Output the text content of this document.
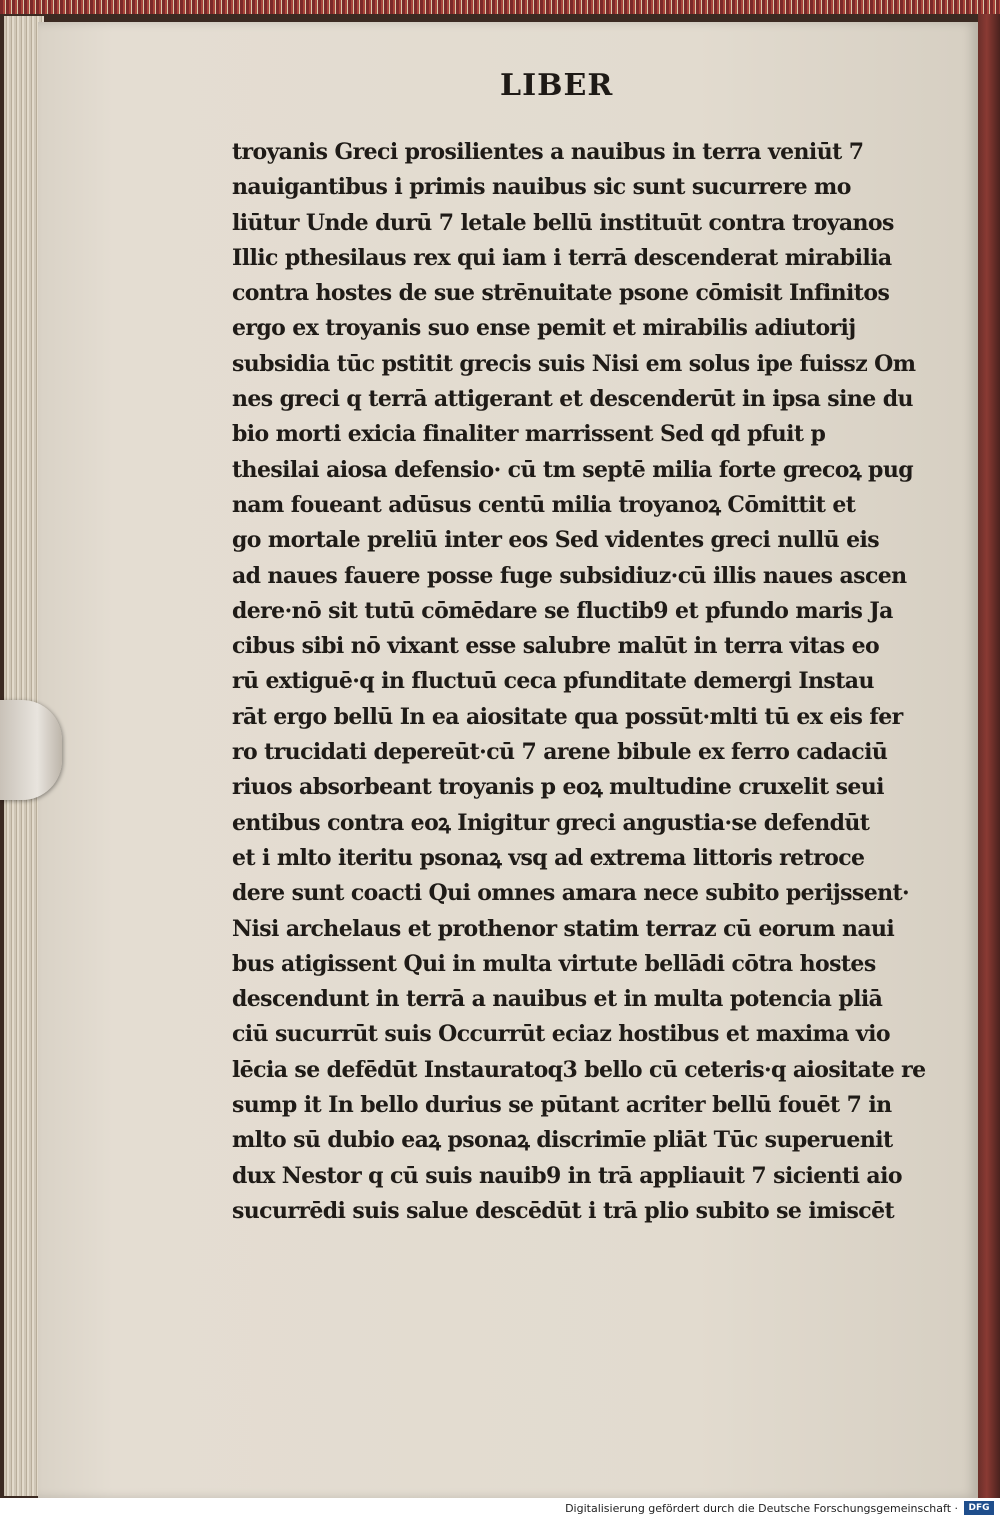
LIBER
troyanis Greci prosilientes a nauibus in terra veniūt 7
nauigantibus i primis nauibus sic sunt sucurrere mo
liūtur Unde durū 7 letale bellū instituūt contra troyanos
Illic pthesilaus rex qui iam i terrā descenderat mirabilia
contra hostes de sue strēnuitate psone cōmisit Infinitos
ergo ex troyanis suo ense pemit et mirabilis adiutorij
subsidia tūc pstitit grecis suis Nisi em solus ipe fuissz Om
nes greci q terrā attigerant et descenderūt in ipsa sine du
bio morti exicia finaliter marrissent Sed qd pfuit p
thesilai aiosa defensio· cū tm septē milia forte grecoꝝ pug
nam foueant adūsus centū milia troyanoꝝ Cōmittit et
go mortale preliū inter eos Sed videntes greci nullū eis
ad naues fauere posse fuge subsidiuz·cū illis naues ascen
dere·nō sit tutū cōmēdare se fluctib9 et pfundo maris Ja
cibus sibi nō vixant esse salubre malūt in terra vitas eo
rū extiguē·q in fluctuū ceca pfunditate demergi Instau
rāt ergo bellū In ea aiositate qua possūt·mlti tū ex eis fer
ro trucidati depereūt·cū 7 arene bibule ex ferro cadaciū
riuos absorbeant troyanis p eoꝝ multudine cruxelit seui
entibus contra eoꝝ Inigitur greci angustia·se defendūt
et i mlto iteritu psonaꝝ vsq ad extrema littoris retroce
dere sunt coacti Qui omnes amara nece subito perijssent·
Nisi archelaus et prothenor statim terraz cū eorum naui
bus atigissent Qui in multa virtute bellādi cōtra hostes
descendunt in terrā a nauibus et in multa potencia pliā
ciū sucurrūt suis Occurrūt eciaz hostibus et maxima vio
lēcia se defēdūt Instauratoq3 bello cū ceteris·q aiositate re
sump it In bello durius se pūtant acriter bellū fouēt 7 in
mlto sū dubio eaꝝ psonaꝝ discrimīe pliāt Tūc superuenit
dux Nestor q cū suis nauib9 in trā appliauit 7 sicienti aio
sucurrēdi suis salue descēdūt i trā plio subito se imiscēt
Digitalisierung gefördert durch die Deutsche Forschungsgemeinschaft ·	DFG
